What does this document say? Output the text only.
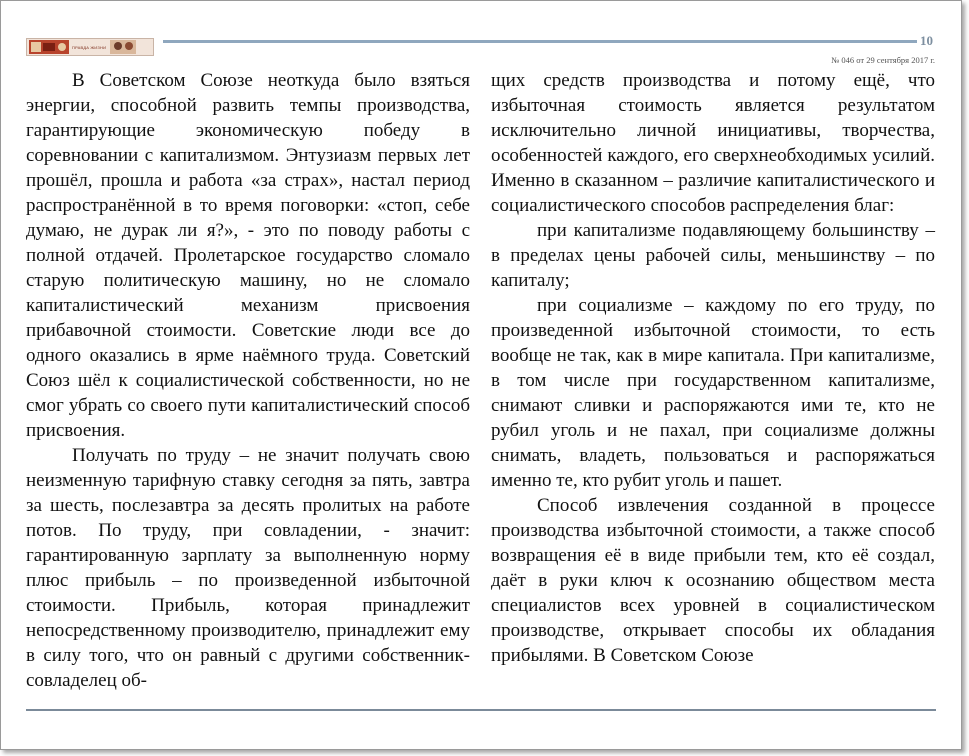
ПРАВДА ЖИЗНИ	10
№ 046 от 29 сентября 2017 г.

В Советском Союзе неоткуда было взяться энергии, способной развить темпы производства, гарантирующие экономическую победу в соревновании с капитализмом. Энтузиазм первых лет прошёл, прошла и работа «за страх», настал период распространённой в то время поговорки: «стоп, себе думаю, не дурак ли я?», - это по поводу работы с полной отдачей. Пролетарское государство сломало старую политическую машину, но не сломало капиталистический механизм присвоения прибавочной стоимости. Советские люди все до одного оказались в ярме наёмного труда. Советский Союз шёл к социалистической собственности, но не смог убрать со своего пути капиталистический способ присвоения.

Получать по труду – не значит получать свою неизменную тарифную ставку сегодня за пять, завтра за шесть, послезавтра за десять пролитых на работе потов. По труду, при совладении, - значит: гарантированную зарплату за выполненную норму плюс прибыль – по произведенной избыточной стоимости. Прибыль, которая принадлежит непосредственному производителю, принадлежит ему в силу того, что он равный с другими собственник-совладелец об-

щих средств производства и потому ещё, что избыточная стоимость является результатом исключительно личной инициативы, творчества, особенностей каждого, его сверхнеобходимых усилий. Именно в сказанном – различие капиталистического и социалистического способов распределения благ:

при капитализме подавляющему большинству – в пределах цены рабочей силы, меньшинству – по капиталу;

при социализме – каждому по его труду, по произведенной избыточной стоимости, то есть вообще не так, как в мире капитала. При капитализме, в том числе при государственном капитализме, снимают сливки и распоряжаются ими те, кто не рубил уголь и не пахал, при социализме должны снимать, владеть, пользоваться и распоряжаться именно те, кто рубит уголь и пашет.

Способ извлечения созданной в процессе производства избыточной стоимости, а также способ возвращения её в виде прибыли тем, кто её создал, даёт в руки ключ к осознанию обществом места специалистов всех уровней в социалистическом производстве, открывает способы их обладания прибылями. В Советском Союзе
